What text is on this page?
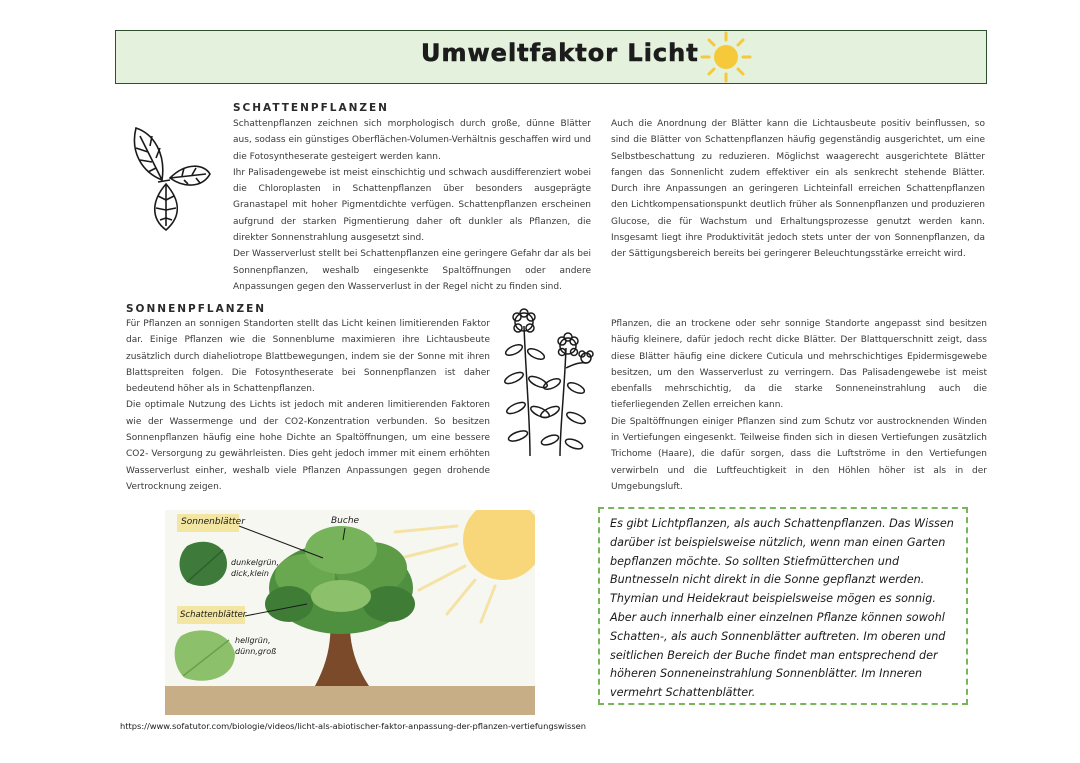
Umweltfaktor Licht
SCHATTENPFLANZEN

Schattenpflanzen zeichnen sich morphologisch durch große, dünne Blätter aus, sodass ein günstiges Oberflächen-Volumen-Verhältnis geschaffen wird und die Fotosyntheserate gesteigert werden kann.

Ihr Palisadengewebe ist meist einschichtig und schwach ausdifferenziert wobei die Chloroplasten in Schattenpflanzen über besonders ausgeprägte Granastapel mit hoher Pigmentdichte verfügen. Schattenpflanzen erscheinen aufgrund der starken Pigmentierung daher oft dunkler als Pflanzen, die direkter Sonnenstrahlung ausgesetzt sind.

Der Wasserverlust stellt bei Schattenpflanzen eine geringere Gefahr dar als bei Sonnenpflanzen, weshalb eingesenkte Spaltöffnungen oder andere Anpassungen gegen den Wasserverlust in der Regel nicht zu finden sind.

Auch die Anordnung der Blätter kann die Lichtausbeute positiv beinflussen, so sind die Blätter von Schattenpflanzen häufig gegenständig ausgerichtet, um eine Selbstbeschattung zu reduzieren. Möglichst waagerecht ausgerichtete Blätter fangen das Sonnenlicht zudem effektiver ein als senkrecht stehende Blätter. Durch ihre Anpassungen an geringeren Lichteinfall erreichen Schattenpflanzen den Lichtkompensationspunkt deutlich früher als Sonnenpflanzen und produzieren Glucose, die für Wachstum und Erhaltungsprozesse genutzt werden kann. Insgesamt liegt ihre Produktivität jedoch stets unter der von Sonnenpflanzen, da der Sättigungsbereich bereits bei geringerer Beleuchtungsstärke erreicht wird.

SONNENPFLANZEN

Für Pflanzen an sonnigen Standorten stellt das Licht keinen limitierenden Faktor dar. Einige Pflanzen wie die Sonnenblume maximieren ihre Lichtausbeute zusätzlich durch diaheliotrope Blattbewegungen, indem sie der Sonne mit ihren Blattspreiten folgen. Die Fotosyntheserate bei Sonnenpflanzen ist daher bedeutend höher als in Schattenpflanzen.

Die optimale Nutzung des Lichts ist jedoch mit anderen limitierenden Faktoren wie der Wassermenge und der CO2-Konzentration verbunden. So besitzen Sonnenpflanzen häufig eine hohe Dichte an Spaltöffnungen, um eine bessere CO2- Versorgung zu gewährleisten. Dies geht jedoch immer mit einem erhöhten Wasserverlust einher, weshalb viele Pflanzen Anpassungen gegen drohende Vertrocknung zeigen.

Pflanzen, die an trockene oder sehr sonnige Standorte angepasst sind besitzen häufig kleinere, dafür jedoch recht dicke Blätter. Der Blattquerschnitt zeigt, dass diese Blätter häufig eine dickere Cuticula und mehrschichtiges Epidermisgewebe besitzen, um den Wasserverlust zu verringern. Das Palisadengewebe ist meist ebenfalls mehrschichtig, da die starke Sonneneinstrahlung auch die tieferliegenden Zellen erreichen kann.

Die Spaltöffnungen einiger Pflanzen sind zum Schutz vor austrocknenden Winden in Vertiefungen eingesenkt. Teilweise finden sich in diesen Vertiefungen zusätzlich Trichome (Haare), die dafür sorgen, dass die Luftströme in den Vertiefungen verwirbeln und die Luftfeuchtigkeit in den Höhlen höher ist als in der Umgebungsluft.

Sonnenblätter
Schattenblätter
Buche
dunkelgrün,
dick,klein
hellgrün,
dünn,groß
Es gibt Lichtpflanzen, als auch Schattenpflanzen. Das Wissen darüber ist beispielsweise nützlich, wenn man einen Garten bepflanzen möchte. So sollten Stiefmütterchen und Buntnesseln nicht direkt in die Sonne gepflanzt werden. Thymian und Heidekraut beispielsweise mögen es sonnig. Aber auch innerhalb einer einzelnen Pflanze können sowohl Schatten-, als auch Sonnenblätter auftreten. Im oberen und seitlichen Bereich der Buche findet man entsprechend der höheren Sonneneinstrahlung Sonnenblätter. Im Inneren vermehrt Schattenblätter.
https://www.sofatutor.com/biologie/videos/licht-als-abiotischer-faktor-anpassung-der-pflanzen-vertiefungswissen
